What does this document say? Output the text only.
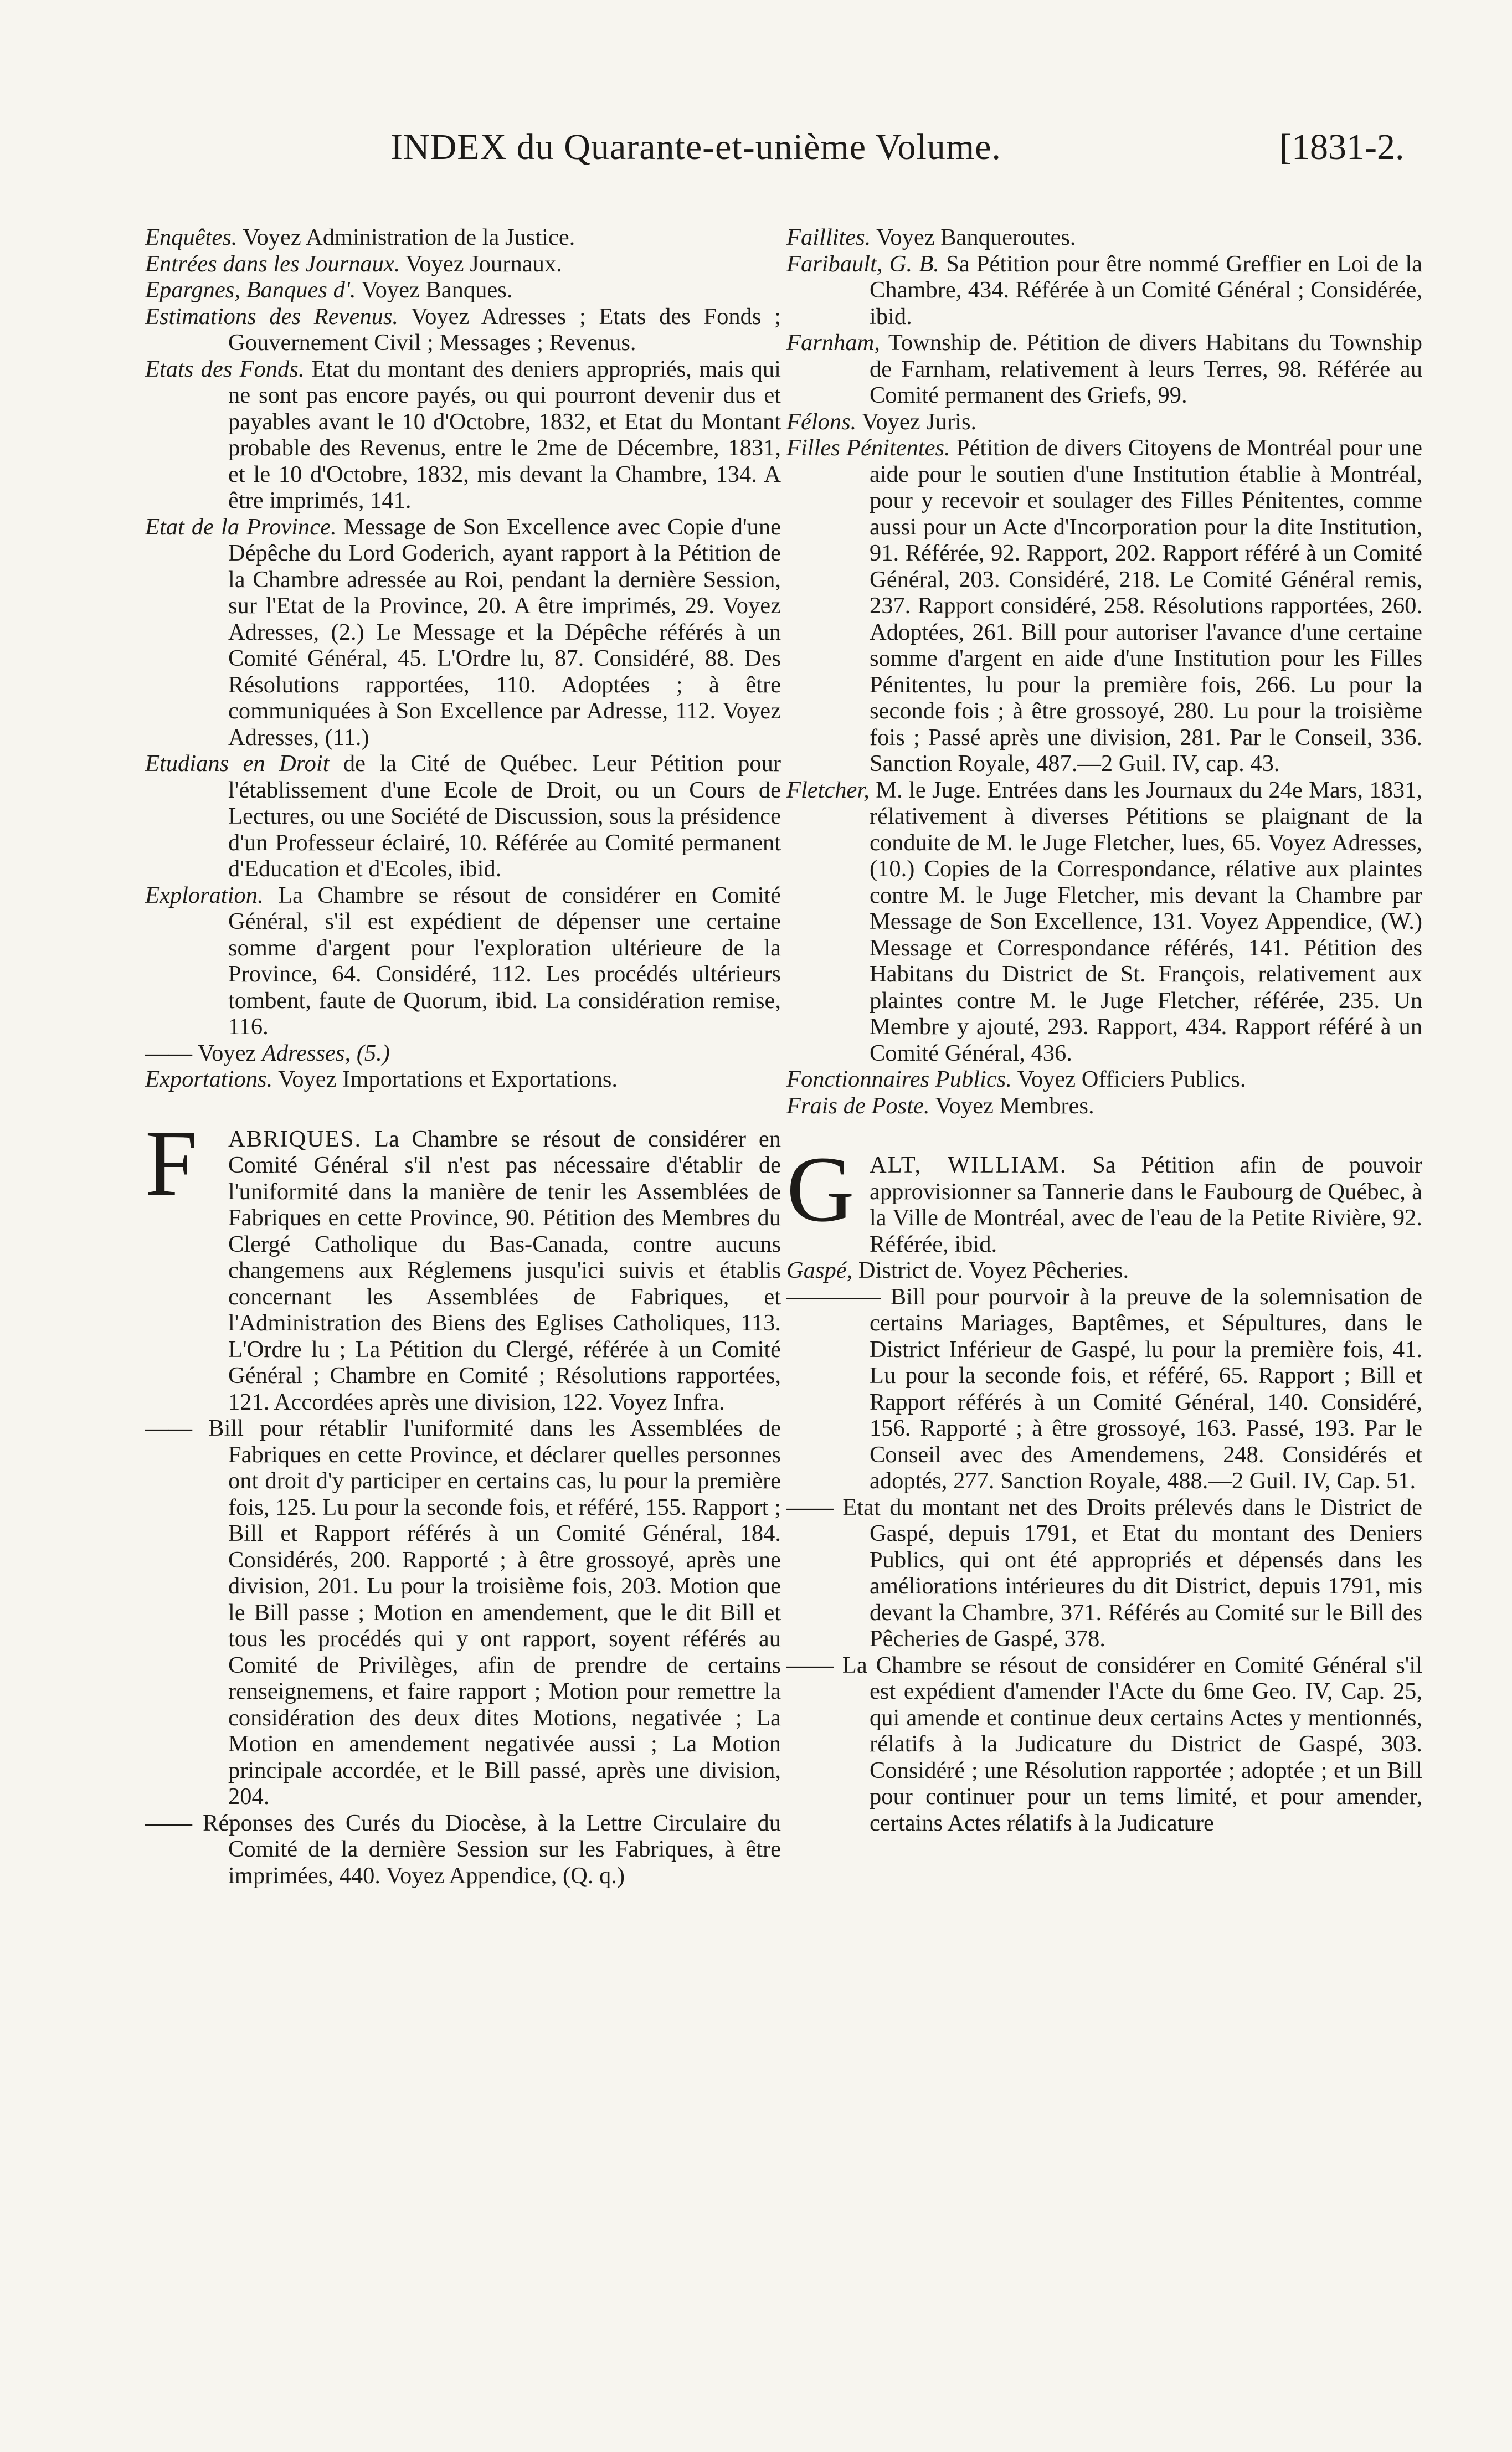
INDEX du Quarante-et-unième Volume.	[1831-2.

Enquêtes. Voyez Administration de la Justice.

Entrées dans les Journaux. Voyez Journaux.

Epargnes, Banques d'. Voyez Banques.

Estimations des Revenus. Voyez Adresses ; Etats des Fonds ; Gouvernement Civil ; Messages ; Revenus.

Etats des Fonds. Etat du montant des deniers appropriés, mais qui ne sont pas encore payés, ou qui pourront devenir dus et payables avant le 10 d'Octobre, 1832, et Etat du Montant probable des Revenus, entre le 2me de Décembre, 1831, et le 10 d'Octobre, 1832, mis devant la Chambre, 134. A être imprimés, 141.

Etat de la Province. Message de Son Excellence avec Copie d'une Dépêche du Lord Goderich, ayant rapport à la Pétition de la Chambre adressée au Roi, pendant la dernière Session, sur l'Etat de la Province, 20. A être imprimés, 29. Voyez Adresses, (2.) Le Message et la Dépêche référés à un Comité Général, 45. L'Ordre lu, 87. Considéré, 88. Des Résolutions rapportées, 110. Adoptées ; à être communiquées à Son Excellence par Adresse, 112. Voyez Adresses, (11.)

Etudians en Droit de la Cité de Québec. Leur Pétition pour l'établissement d'une Ecole de Droit, ou un Cours de Lectures, ou une Société de Discussion, sous la présidence d'un Professeur éclairé, 10. Référée au Comité permanent d'Education et d'Ecoles, ibid.

Exploration. La Chambre se résout de considérer en Comité Général, s'il est expédient de dépenser une certaine somme d'argent pour l'exploration ultérieure de la Province, 64. Considéré, 112. Les procédés ultérieurs tombent, faute de Quorum, ibid. La considération remise, 116.

—— Voyez Adresses, (5.)

Exportations. Voyez Importations et Exportations.

F ABRIQUES. La Chambre se résout de considérer en Comité Général s'il n'est pas nécessaire d'établir de l'uniformité dans la manière de tenir les Assemblées de Fabriques en cette Province, 90. Pétition des Membres du Clergé Catholique du Bas-Canada, contre aucuns changemens aux Réglemens jusqu'ici suivis et établis concernant les Assemblées de Fabriques, et l'Administration des Biens des Eglises Catholiques, 113. L'Ordre lu ; La Pétition du Clergé, référée à un Comité Général ; Chambre en Comité ; Résolutions rapportées, 121. Accordées après une division, 122. Voyez Infra.

—— Bill pour rétablir l'uniformité dans les Assemblées de Fabriques en cette Province, et déclarer quelles personnes ont droit d'y participer en certains cas, lu pour la première fois, 125. Lu pour la seconde fois, et référé, 155. Rapport ; Bill et Rapport référés à un Comité Général, 184. Considérés, 200. Rapporté ; à être grossoyé, après une division, 201. Lu pour la troisième fois, 203. Motion que le Bill passe ; Motion en amendement, que le dit Bill et tous les procédés qui y ont rapport, soyent référés au Comité de Privilèges, afin de prendre de certains renseignemens, et faire rapport ; Motion pour remettre la considération des deux dites Motions, negativée ; La Motion en amendement negativée aussi ; La Motion principale accordée, et le Bill passé, après une division, 204.

—— Réponses des Curés du Diocèse, à la Lettre Circulaire du Comité de la dernière Session sur les Fabriques, à être imprimées, 440. Voyez Appendice, (Q. q.)

Faillites. Voyez Banqueroutes.

Faribault, G. B. Sa Pétition pour être nommé Greffier en Loi de la Chambre, 434. Référée à un Comité Général ; Considérée, ibid.

Farnham, Township de. Pétition de divers Habitans du Township de Farnham, relativement à leurs Terres, 98. Référée au Comité permanent des Griefs, 99.

Félons. Voyez Juris.

Filles Pénitentes. Pétition de divers Citoyens de Montréal pour une aide pour le soutien d'une Institution établie à Montréal, pour y recevoir et soulager des Filles Pénitentes, comme aussi pour un Acte d'Incorporation pour la dite Institution, 91. Référée, 92. Rapport, 202. Rapport référé à un Comité Général, 203. Considéré, 218. Le Comité Général remis, 237. Rapport considéré, 258. Résolutions rapportées, 260. Adoptées, 261. Bill pour autoriser l'avance d'une certaine somme d'argent en aide d'une Institution pour les Filles Pénitentes, lu pour la première fois, 266. Lu pour la seconde fois ; à être grossoyé, 280. Lu pour la troisième fois ; Passé après une division, 281. Par le Conseil, 336. Sanction Royale, 487.—2 Guil. IV, cap. 43.

Fletcher, M. le Juge. Entrées dans les Journaux du 24e Mars, 1831, rélativement à diverses Pétitions se plaignant de la conduite de M. le Juge Fletcher, lues, 65. Voyez Adresses, (10.) Copies de la Correspondance, rélative aux plaintes contre M. le Juge Fletcher, mis devant la Chambre par Message de Son Excellence, 131. Voyez Appendice, (W.) Message et Correspondance référés, 141. Pétition des Habitans du District de St. François, relativement aux plaintes contre M. le Juge Fletcher, référée, 235. Un Membre y ajouté, 293. Rapport, 434. Rapport référé à un Comité Général, 436.

Fonctionnaires Publics. Voyez Officiers Publics.

Frais de Poste. Voyez Membres.

G ALT, WILLIAM. Sa Pétition afin de pouvoir approvisionner sa Tannerie dans le Faubourg de Québec, à la Ville de Montréal, avec de l'eau de la Petite Rivière, 92. Référée, ibid.

Gaspé, District de. Voyez Pêcheries.

———— Bill pour pourvoir à la preuve de la solemnisation de certains Mariages, Baptêmes, et Sépultures, dans le District Inférieur de Gaspé, lu pour la première fois, 41. Lu pour la seconde fois, et référé, 65. Rapport ; Bill et Rapport référés à un Comité Général, 140. Considéré, 156. Rapporté ; à être grossoyé, 163. Passé, 193. Par le Conseil avec des Amendemens, 248. Considérés et adoptés, 277. Sanction Royale, 488.—2 Guil. IV, Cap. 51.

—— Etat du montant net des Droits prélevés dans le District de Gaspé, depuis 1791, et Etat du montant des Deniers Publics, qui ont été appropriés et dépensés dans les améliorations intérieures du dit District, depuis 1791, mis devant la Chambre, 371. Référés au Comité sur le Bill des Pêcheries de Gaspé, 378.

—— La Chambre se résout de considérer en Comité Général s'il est expédient d'amender l'Acte du 6me Geo. IV, Cap. 25, qui amende et continue deux certains Actes y mentionnés, rélatifs à la Judicature du District de Gaspé, 303. Considéré ; une Résolution rapportée ; adoptée ; et un Bill pour continuer pour un tems limité, et pour amender, certains Actes rélatifs à la Judicature
